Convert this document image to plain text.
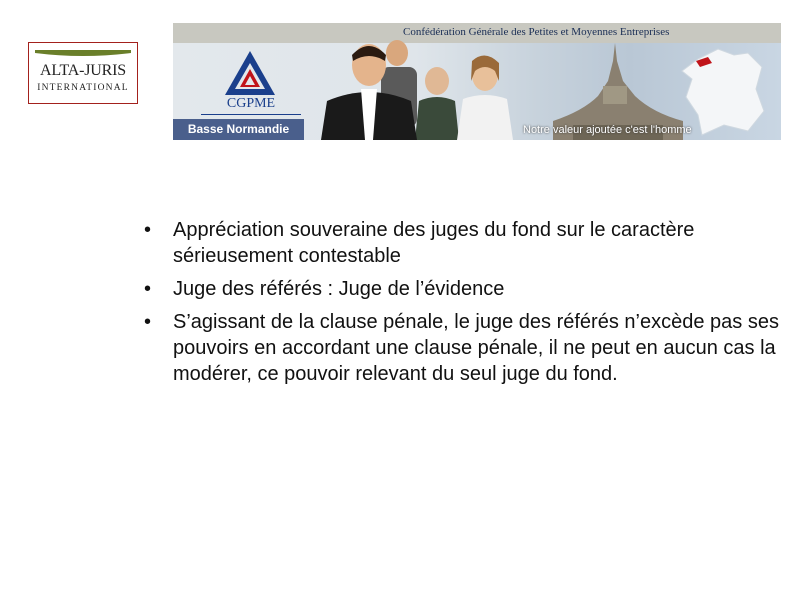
ALTA-JURIS
INTERNATIONAL
Confédération Générale des Petites et Moyennes Entreprises
CGPME
Basse Normandie	Notre valeur ajoutée c'est l'homme
• Appréciation souveraine des juges du fond sur le caractère sérieusement contestable
• Juge des référés : Juge de l’évidence
• S’agissant de la clause pénale, le juge des référés n’excède pas ses pouvoirs en accordant une clause pénale, il ne peut en aucun cas la modérer, ce pouvoir relevant du seul juge du fond.
